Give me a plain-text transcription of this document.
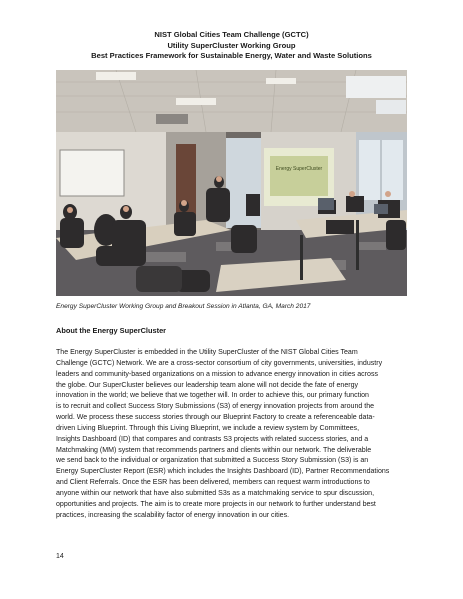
NIST Global Cities Team Challenge (GCTC)
Utility SuperCluster Working Group
Best Practices Framework for Sustainable Energy, Water and Waste Solutions
Energy SuperCluster
Energy SuperCluster Working Group and Breakout Session in Atlanta, GA, March 2017
About the Energy SuperCluster
The Energy SuperCluster is embedded in the Utility SuperCluster of the NIST Global Cities Team
Challenge (GCTC) Network. We are a cross-sector consortium of city governments, universities, industry
leaders and community-based organizations on a mission to advance energy innovation in cities across
the globe. Our SuperCluster believes our leadership team alone will not decide the fate of energy
innovation in the world; we believe that we together will. In order to achieve this, our primary function
is to recruit and collect Success Story Submissions (S3) of energy innovation projects from around the
world. We process these success stories through our Blueprint Factory to create a referenceable data-
driven Living Blueprint. Through this Living Blueprint, we include a review system by Committees,
Insights Dashboard (ID) that compares and contrasts S3 projects with related success stories, and a
Matchmaking (MM) system that recommends partners and clients within our network. The deliverable
we send back to the individual or organization that submitted a Success Story Submission (S3) is an
Energy SuperCluster Report (ESR) which includes the Insights Dashboard (ID), Partner Recommendations
and Client Referrals. Once the ESR has been delivered, members can request warm introductions to
anyone within our network that have also submitted S3s as a matchmaking service to spur discussion,
opportunities and projects. The aim is to create more projects in our network to further understand best
practices, increasing the scalability factor of energy innovation in our cities.
14
